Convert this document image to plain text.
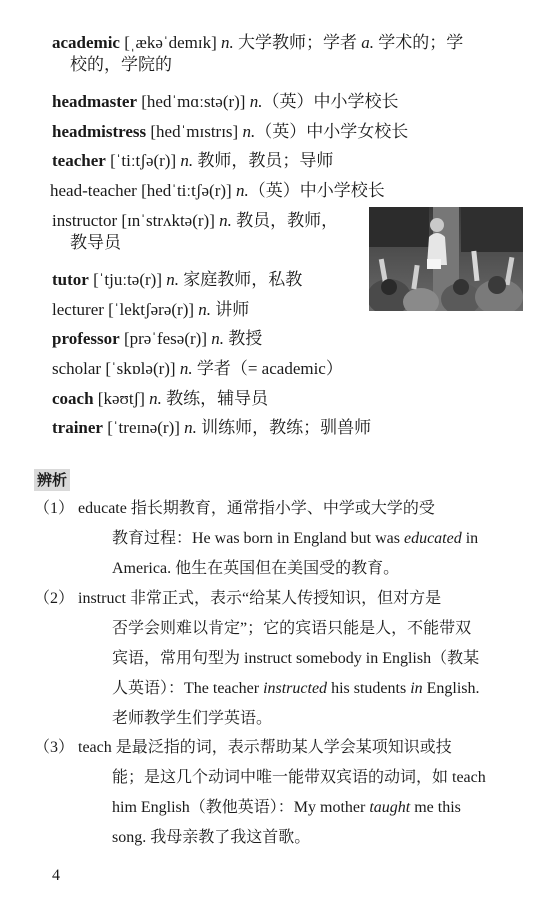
academic [ˌækəˈdemɪk] n. 大学教师；学者 a. 学术的；学
校的，学院的
headmaster [hedˈmɑːstə(r)] n.（英）中小学校长
headmistress [hedˈmɪstrɪs] n.（英）中小学女校长
teacher [ˈtiːtʃə(r)] n. 教师，教员；导师
head-teacher [hedˈtiːtʃə(r)] n.（英）中小学校长
instructor [ɪnˈstrʌktə(r)] n. 教员，教师，
教导员
tutor [ˈtjuːtə(r)] n. 家庭教师，私教
lecturer [ˈlektʃərə(r)] n. 讲师
professor [prəˈfesə(r)] n. 教授
scholar [ˈskɒlə(r)] n. 学者（= academic）
coach [kəʊtʃ] n. 教练，辅导员
trainer [ˈtreɪnə(r)] n. 训练师，教练；驯兽师
辨析
（1） educate 指长期教育，通常指小学、中学或大学的受
教育过程：He was born in England but was educated in
America. 他生在英国但在美国受的教育。
（2） instruct 非常正式，表示“给某人传授知识，但对方是
否学会则难以肯定”；它的宾语只能是人，不能带双
宾语，常用句型为 instruct somebody in English（教某
人英语）：The teacher instructed his students in English.
老师教学生们学英语。
（3） teach 是最泛指的词，表示帮助某人学会某项知识或技
能；是这几个动词中唯一能带双宾语的动词，如 teach
him English（教他英语）：My mother taught me this
song. 我母亲教了我这首歌。
4
